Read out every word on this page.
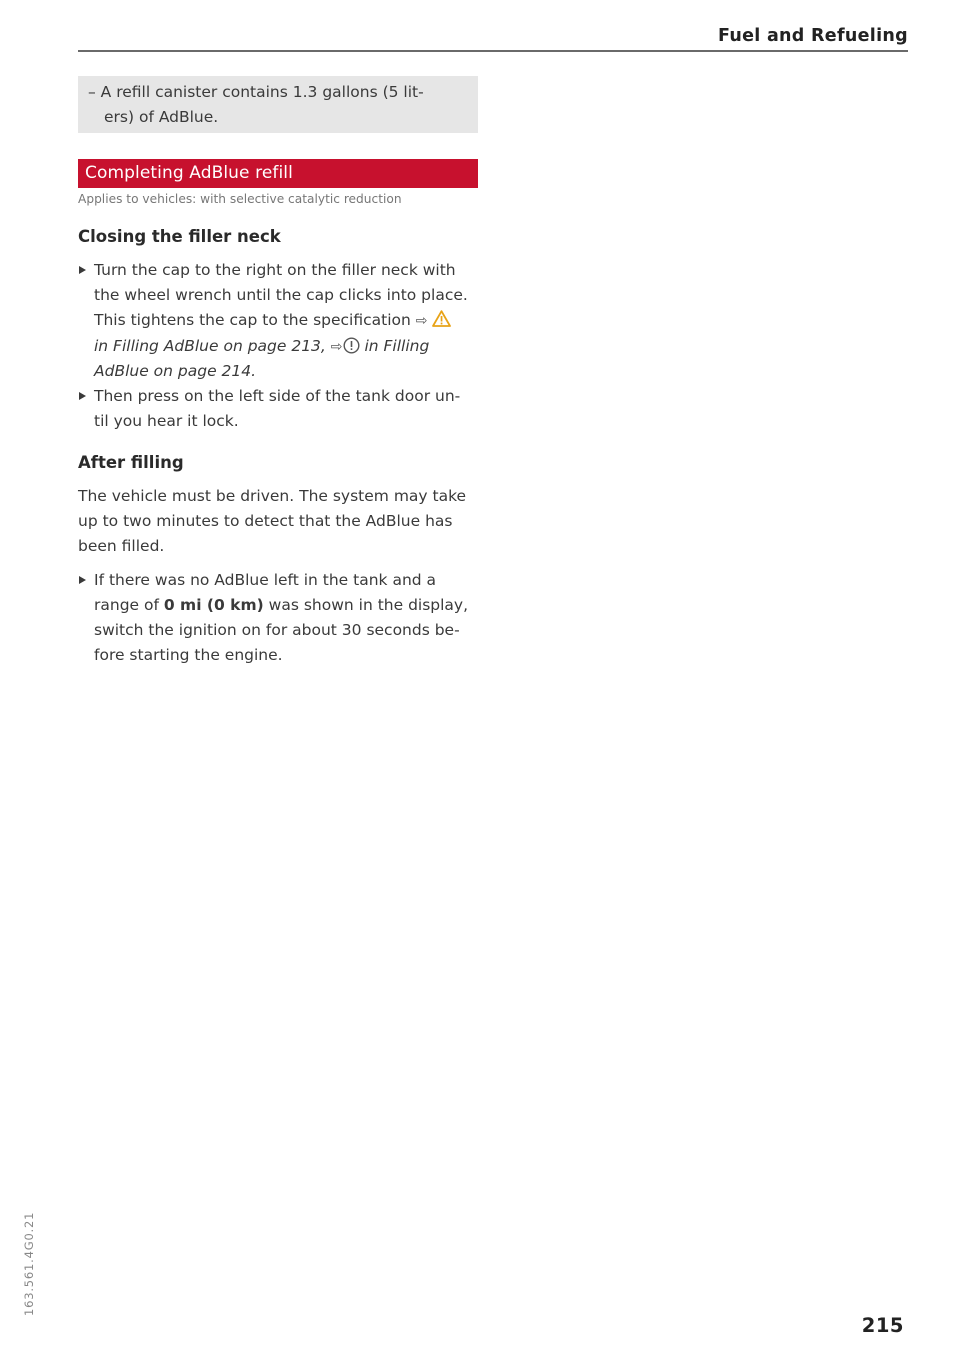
Fuel and Refueling
– A refill canister contains 1.3 gallons (5 lit-
ers) of AdBlue.
Completing AdBlue refill
Applies to vehicles: with selective catalytic reduction
Closing the filler neck
Turn the cap to the right on the filler neck with
the wheel wrench until the cap clicks into place.
This tightens the cap to the specification ⇨
in Filling AdBlue on page 213, ⇨ in Filling
AdBlue on page 214.
Then press on the left side of the tank door un-
til you hear it lock.
After filling
The vehicle must be driven. The system may take
up to two minutes to detect that the AdBlue has
been filled.
If there was no AdBlue left in the tank and a
range of 0 mi (0 km) was shown in the display,
switch the ignition on for about 30 seconds be-
fore starting the engine.
163.561.4G0.21
215
